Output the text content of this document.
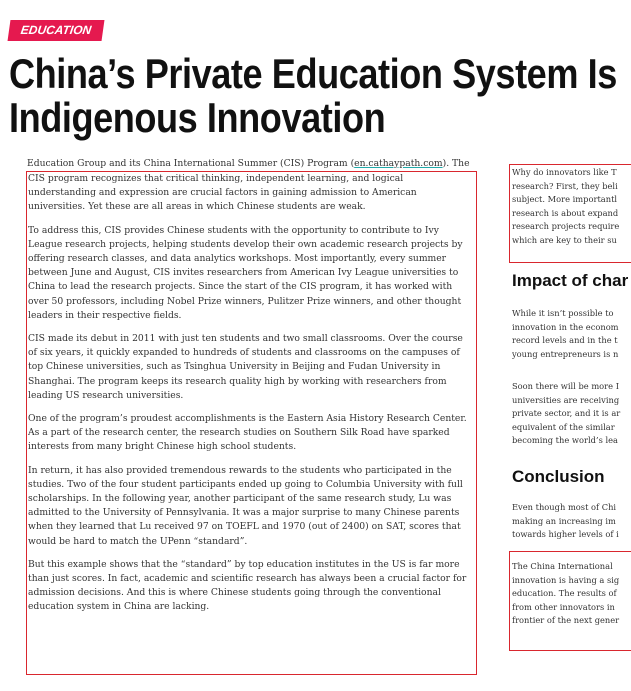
EDUCATION
China’s Private Education System Is
Indigenous Innovation

Education Group and its China International Summer (CIS) Program (en.cathaypath.com). The

CIS program recognizes that critical thinking, independent learning, and logical understanding and expression are crucial factors in gaining admission to American universities. Yet these are all areas in which Chinese students are weak.

To address this, CIS provides Chinese students with the opportunity to contribute to Ivy League research projects, helping students develop their own academic research projects by offering research classes, and data analytics workshops. Most importantly, every summer between June and August, CIS invites researchers from American Ivy League universities to China to lead the research projects. Since the start of the CIS program, it has worked with over 50 professors, including Nobel Prize winners, Pulitzer Prize winners, and other thought leaders in their respective fields.

CIS made its debut in 2011 with just ten students and two small classrooms. Over the course of six years, it quickly expanded to hundreds of students and classrooms on the campuses of top Chinese universities, such as Tsinghua University in Beijing and Fudan University in Shanghai. The program keeps its research quality high by working with researchers from leading US research universities.

One of the program’s proudest accomplishments is the Eastern Asia History Research Center. As a part of the research center, the research studies on Southern Silk Road have sparked interests from many bright Chinese high school students.

In return, it has also provided tremendous rewards to the students who participated in the studies. Two of the four student participants ended up going to Columbia University with full scholarships. In the following year, another participant of the same research study, Lu was admitted to the University of Pennsylvania. It was a major surprise to many Chinese parents when they learned that Lu received 97 on TOEFL and 1970 (out of 2400) on SAT, scores that would be hard to match the UPenn “standard”.

But this example shows that the “standard” by top education institutes in the US is far more than just scores. In fact, academic and scientific research has always been a crucial factor for admission decisions. And this is where Chinese students going through the conventional education system in China are lacking.

Why do innovators like T
research? First, they beli
subject. More importantl
research is about expand
research projects require
which are key to their su
Impact of char
While it isn’t possible to
innovation in the econom
record levels and in the t
young entrepreneurs is n
Soon there will be more I
universities are receiving
private sector, and it is ar
equivalent of the similar
becoming the world’s lea
Conclusion
Even though most of Chi
making an increasing im
towards higher levels of i
The China International
innovation is having a sig
education. The results of
from other innovators in
frontier of the next gener
